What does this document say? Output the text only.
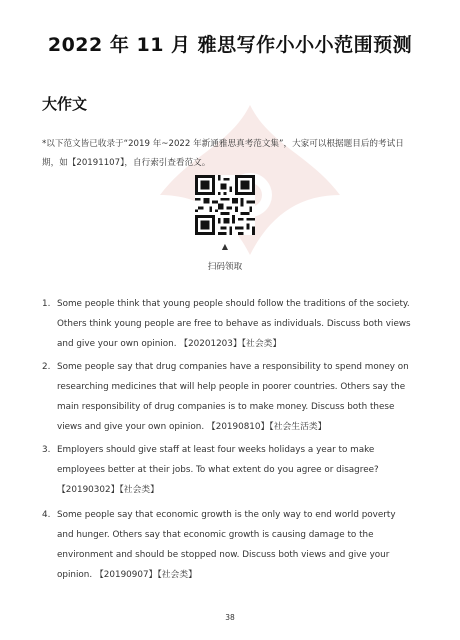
2022 年 11 月 雅思写作小小小范围预测
大作文
*以下范文皆已收录于“2019 年~2022 年新通雅思真考范文集”，大家可以根据题目后的考试日期，如【20191107】，自行索引查看范文。
▲
扫码领取
1. Some people think that young people should follow the traditions of the society. Others think young people are free to behave as individuals. Discuss both views and give your own opinion. 【20201203】【社会类】
2. Some people say that drug companies have a responsibility to spend money on researching medicines that will help people in poorer countries. Others say the main responsibility of drug companies is to make money. Discuss both these views and give your own opinion. 【20190810】【社会生活类】
3. Employers should give staff at least four weeks holidays a year to make employees better at their jobs. To what extent do you agree or disagree? 【20190302】【社会类】
4. Some people say that economic growth is the only way to end world poverty and hunger. Others say that economic growth is causing damage to the environment and should be stopped now. Discuss both views and give your opinion. 【20190907】【社会类】
38
